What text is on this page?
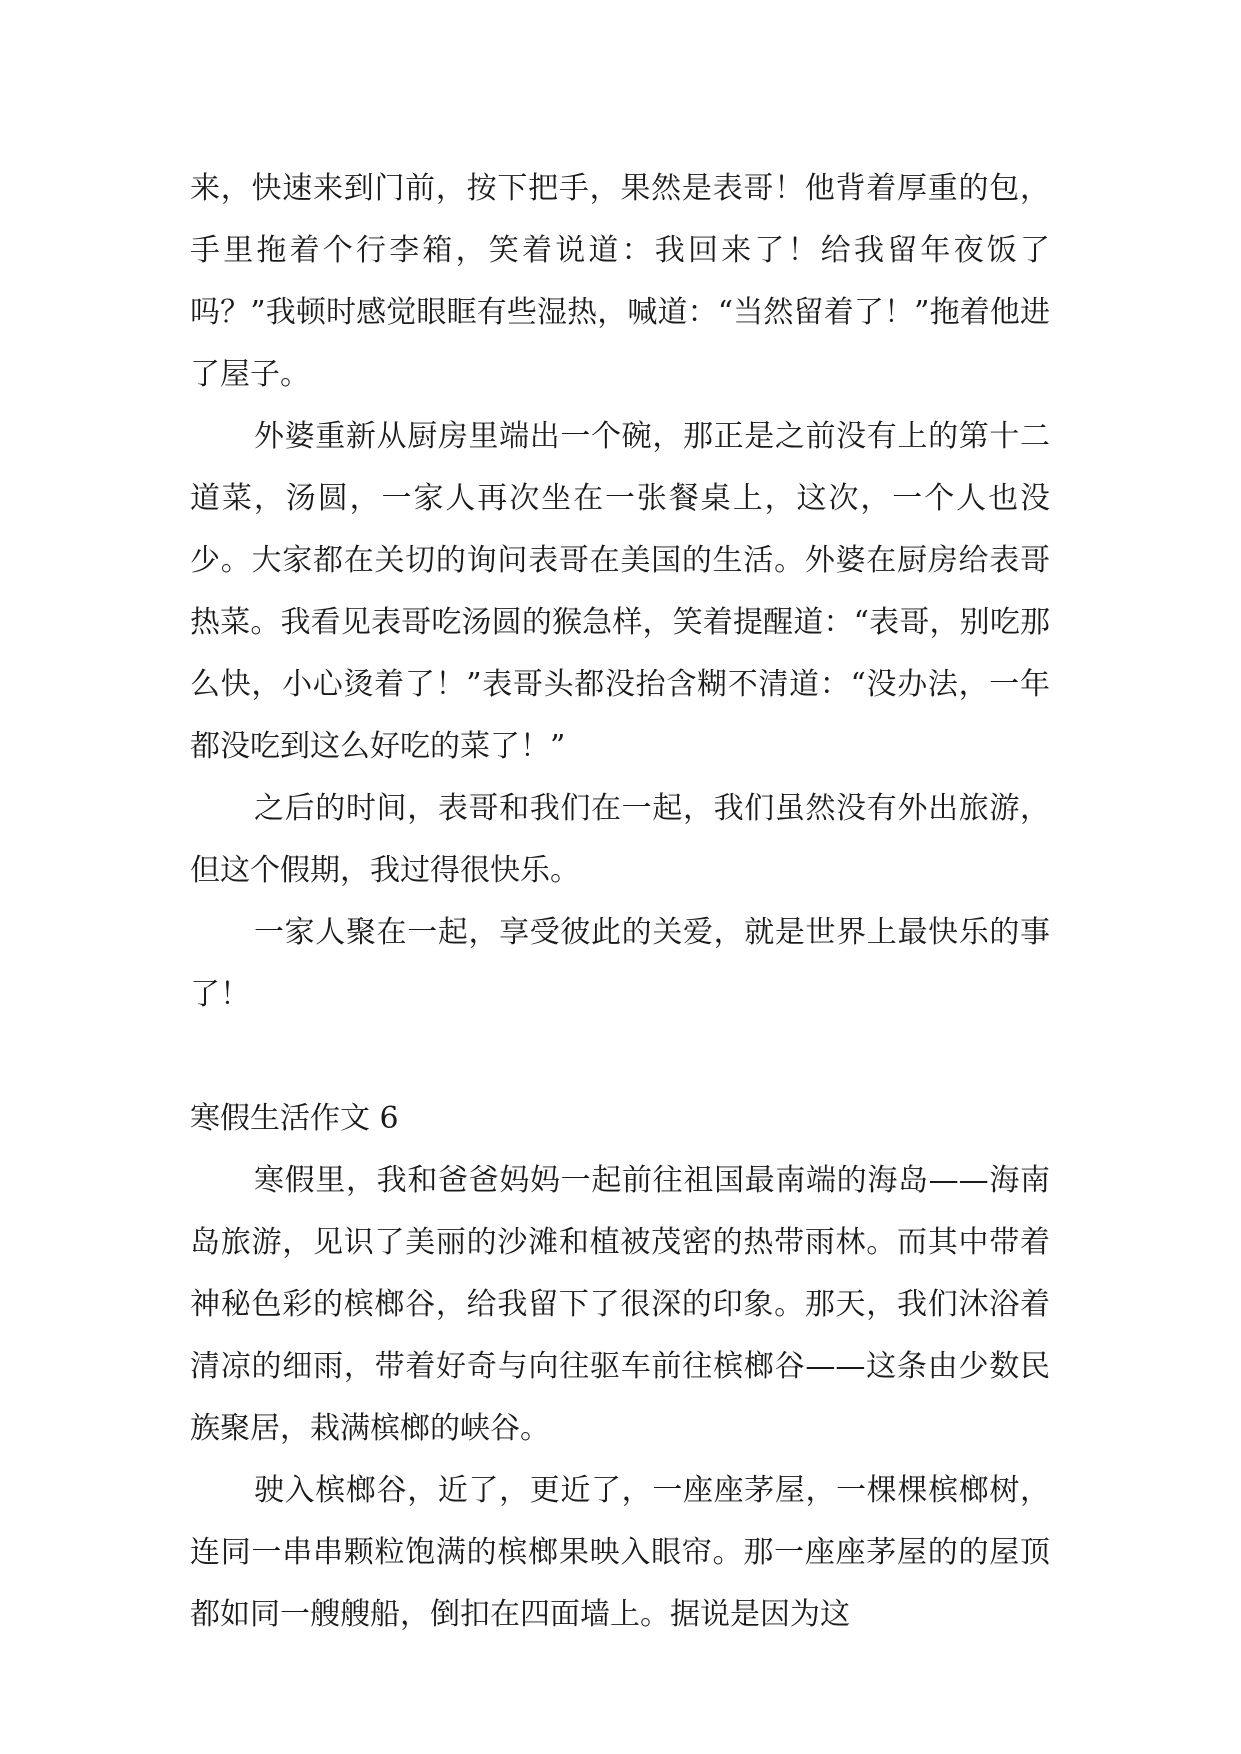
来，快速来到门前，按下把手，果然是表哥！他背着厚重的包，手里拖着个行李箱，笑着说道：我回来了！给我留年夜饭了吗？”我顿时感觉眼眶有些湿热，喊道：“当然留着了！”拖着他进了屋子。

外婆重新从厨房里端出一个碗，那正是之前没有上的第十二道菜，汤圆，一家人再次坐在一张餐桌上，这次，一个人也没少。大家都在关切的询问表哥在美国的生活。外婆在厨房给表哥热菜。我看见表哥吃汤圆的猴急样，笑着提醒道：“表哥，别吃那么快，小心烫着了！”表哥头都没抬含糊不清道：“没办法，一年都没吃到这么好吃的菜了！”

之后的时间，表哥和我们在一起，我们虽然没有外出旅游，但这个假期，我过得很快乐。

一家人聚在一起，享受彼此的关爱，就是世界上最快乐的事了！

寒假生活作文 6

寒假里，我和爸爸妈妈一起前往祖国最南端的海岛——海南岛旅游，见识了美丽的沙滩和植被茂密的热带雨林。而其中带着神秘色彩的槟榔谷，给我留下了很深的印象。那天，我们沐浴着清凉的细雨，带着好奇与向往驱车前往槟榔谷——这条由少数民族聚居，栽满槟榔的峡谷。

驶入槟榔谷，近了，更近了，一座座茅屋，一棵棵槟榔树，连同一串串颗粒饱满的槟榔果映入眼帘。那一座座茅屋的的屋顶都如同一艘艘船，倒扣在四面墙上。据说是因为这
